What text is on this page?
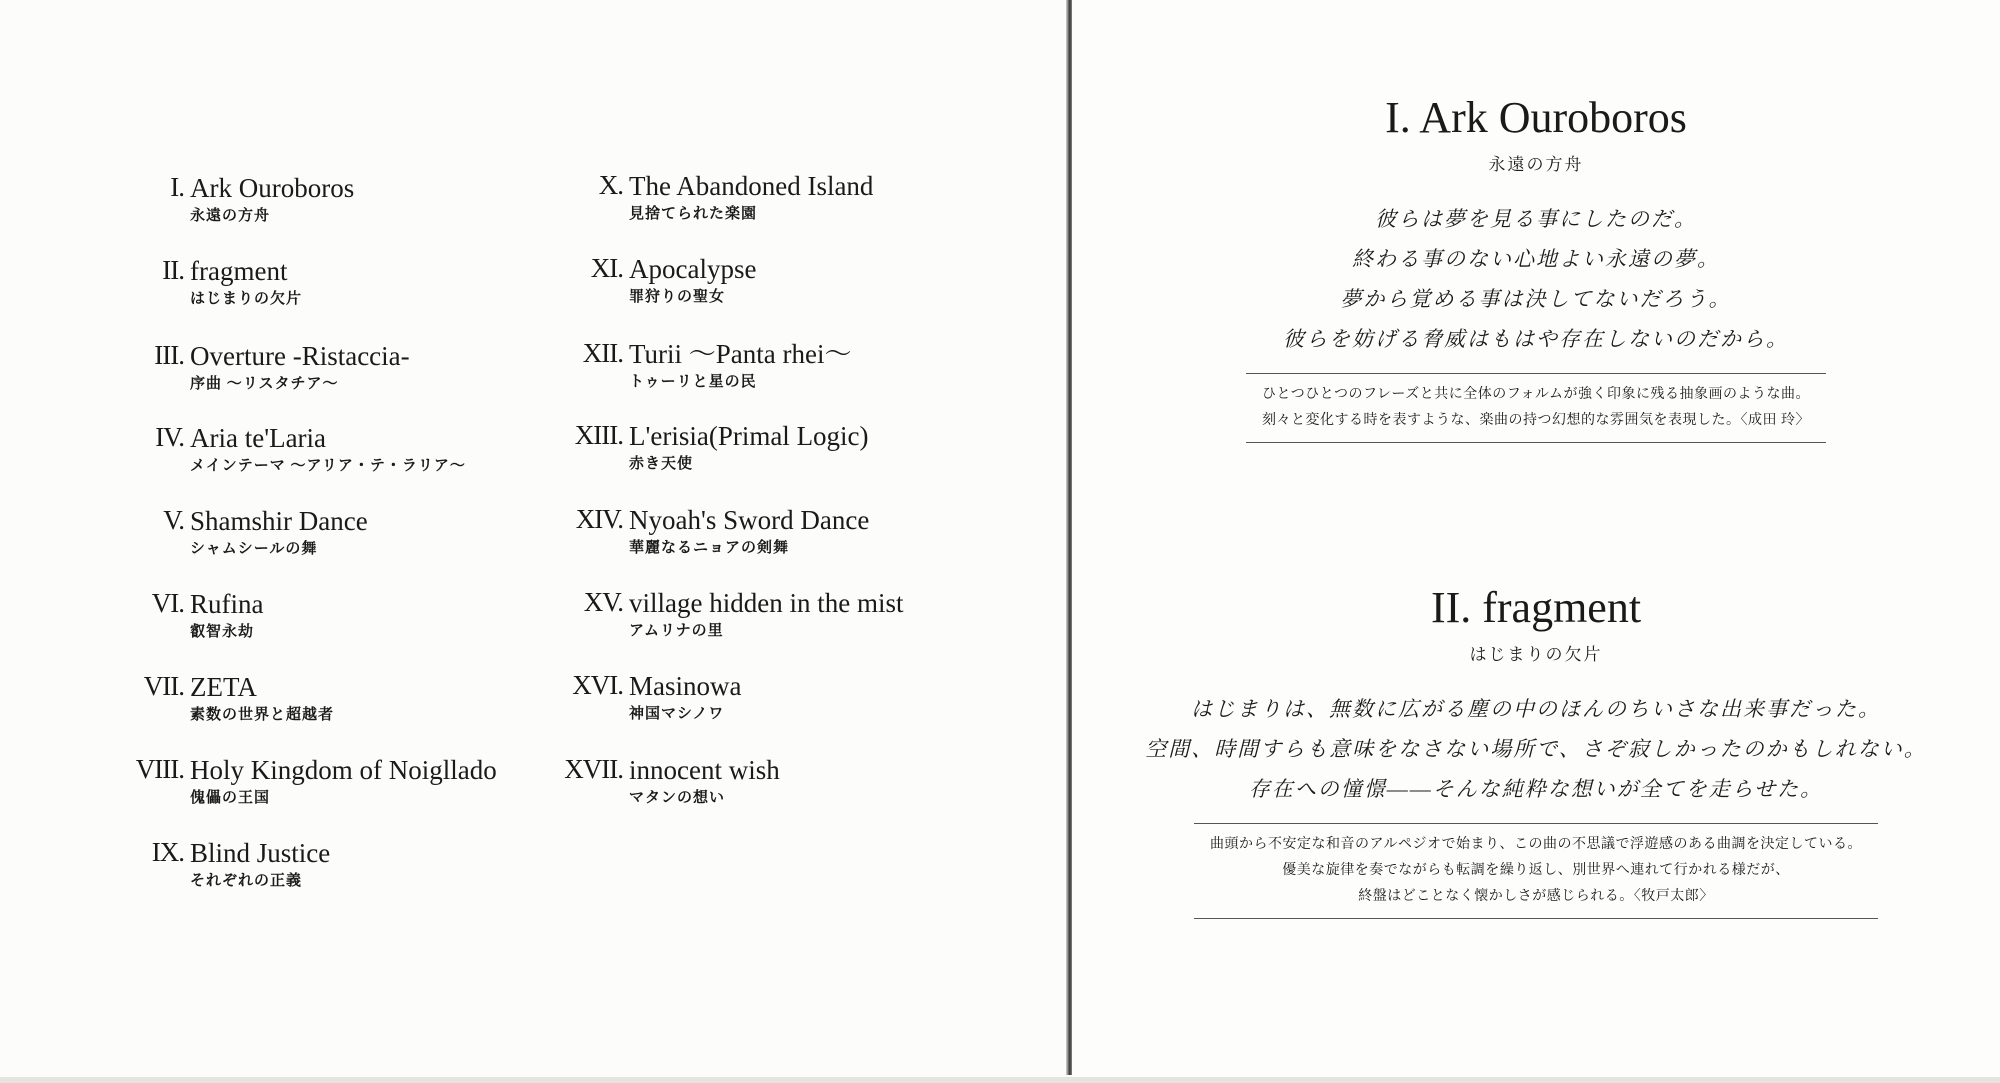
I. Ark Ouroboros
永遠の方舟
II. fragment
はじまりの欠片
III. Overture -Ristaccia-
序曲 〜リスタチア〜
IV. Aria te'Laria
メインテーマ 〜アリア・テ・ラリア〜
V. Shamshir Dance
シャムシールの舞
VI. Rufina
叡智永劫
VII. ZETA
素数の世界と超越者
VIII. Holy Kingdom of Noiglladо
傀儡の王国
IX. Blind Justice
それぞれの正義
X. The Abandoned Island
見捨てられた楽園
XI. Apocalypse
罪狩りの聖女
XII. Turii 〜Panta rhei〜
トゥーリと星の民
XIII. L'erisia(Primal Logic)
赤き天使
XIV. Nyoah's Sword Dance
華麗なるニョアの剣舞
XV. village hidden in the mist
アムリナの里
XVI. Masinowa
神国マシノワ
XVII. innocent wish
マタンの想い
I. Ark Ouroboros
永遠の方舟
彼らは夢を見る事にしたのだ。
終わる事のない心地よい永遠の夢。
夢から覚める事は決してないだろう。
彼らを妨げる脅威はもはや存在しないのだから。
ひとつひとつのフレーズと共に全体のフォルムが強く印象に残る抽象画のような曲。
刻々と変化する時を表すような、楽曲の持つ幻想的な雰囲気を表現した。〈成田 玲〉
II. fragment
はじまりの欠片
はじまりは、無数に広がる塵の中のほんのちいさな出来事だった。
空間、時間すらも意味をなさない場所で、さぞ寂しかったのかもしれない。
存在への憧憬――そんな純粋な想いが全てを走らせた。
曲頭から不安定な和音のアルペジオで始まり、この曲の不思議で浮遊感のある曲調を決定している。
優美な旋律を奏でながらも転調を繰り返し、別世界へ連れて行かれる様だが、
終盤はどことなく懐かしさが感じられる。〈牧戸太郎〉
